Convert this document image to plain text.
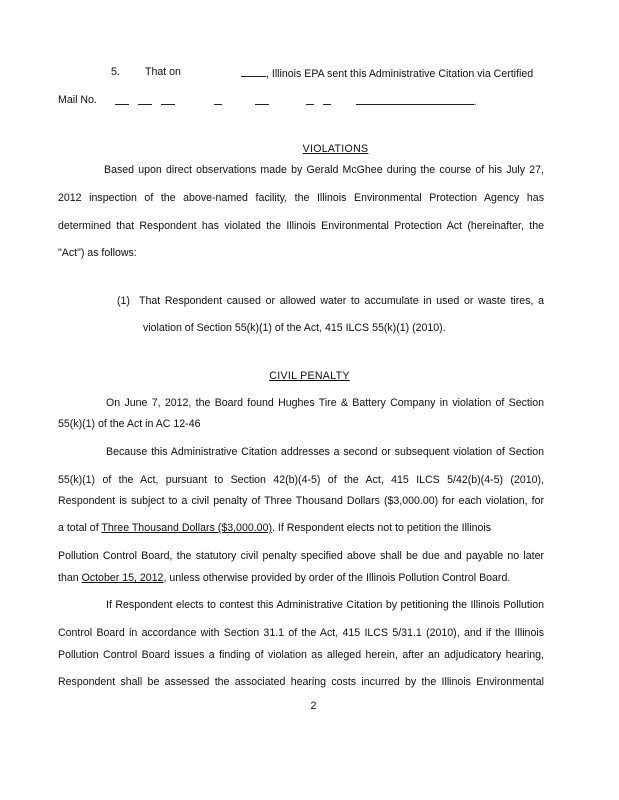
5. That on	, Illinois EPA sent this Administrative Citation via Certified
Mail No.	.
VIOLATIONS
Based upon direct observations made by Gerald McGhee during the course of his July 27,
2012 inspection of the above-named facility, the Illinois Environmental Protection Agency has
determined that Respondent has violated the Illinois Environmental Protection Act (hereinafter, the
"Act") as follows:
(1) That Respondent caused or allowed water to accumulate in used or waste tires, a
violation of Section 55(k)(1) of the Act, 415 ILCS 55(k)(1) (2010).
CIVIL PENALTY
On June 7, 2012, the Board found Hughes Tire & Battery Company in violation of Section
55(k)(1) of the Act in AC 12-46
Because this Administrative Citation addresses a second or subsequent violation of Section
55(k)(1) of the Act, pursuant to Section 42(b)(4-5) of the Act, 415 ILCS 5/42(b)(4-5) (2010),
Respondent is subject to a civil penalty of Three Thousand Dollars ($3,000.00) for each violation, for
a total of Three Thousand Dollars ($3,000.00). If Respondent elects not to petition the Illinois
Pollution Control Board, the statutory civil penalty specified above shall be due and payable no later
than October 15, 2012, unless otherwise provided by order of the Illinois Pollution Control Board.
If Respondent elects to contest this Administrative Citation by petitioning the Illinois Pollution
Control Board in accordance with Section 31.1 of the Act, 415 ILCS 5/31.1 (2010), and if the Illinois
Pollution Control Board issues a finding of violation as alleged herein, after an adjudicatory hearing,
Respondent shall be assessed the associated hearing costs incurred by the Illinois Environmental
2
